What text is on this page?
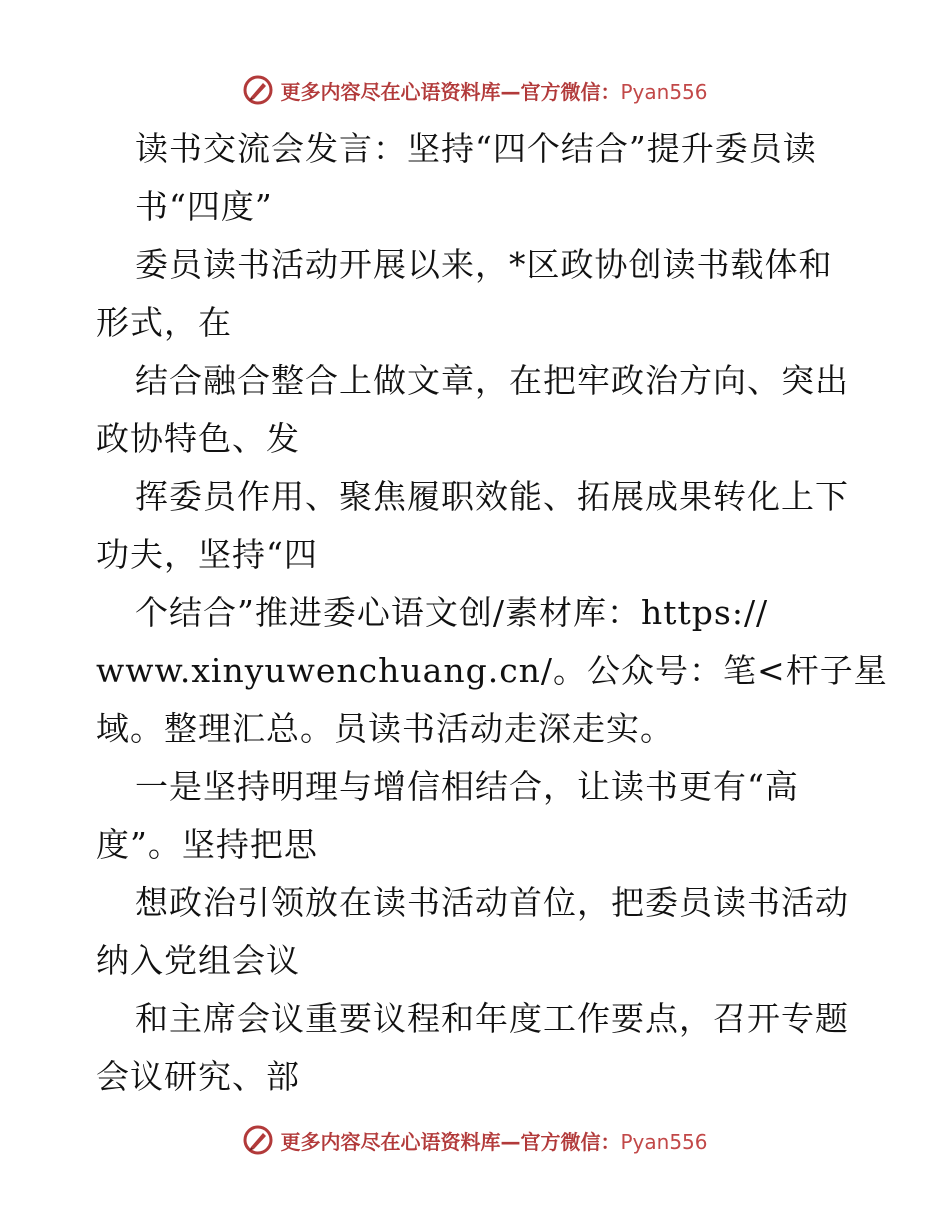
更多内容尽在心语资料库—官方微信：Pyan556
读书交流会发言：坚持“四个结合”提升委员读
书“四度”
委员读书活动开展以来，*区政协创读书载体和
形式，在
结合融合整合上做文章，在把牢政治方向、突出
政协特色、发
挥委员作用、聚焦履职效能、拓展成果转化上下
功夫，坚持“四
个结合”推进委心语文创/素材库：https://
www.xinyuwenchuang.cn/。公众号：笔<杆子星
域。整理汇总。员读书活动走深走实。
一是坚持明理与增信相结合，让读书更有“高
度”。坚持把思
想政治引领放在读书活动首位，把委员读书活动
纳入党组会议
和主席会议重要议程和年度工作要点，召开专题
会议研究、部
更多内容尽在心语资料库—官方微信：Pyan556
